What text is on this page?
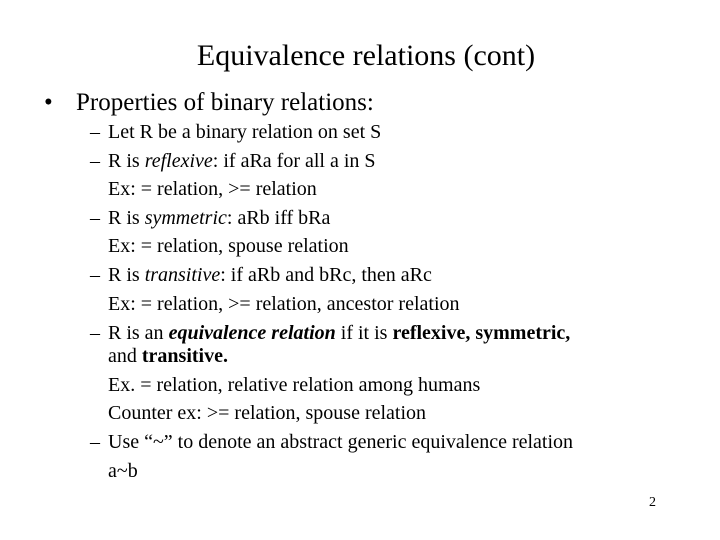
Equivalence relations (cont)
• Properties of binary relations:
– Let R be a binary relation on set S
– R is reflexive: if aRa for all a in S
Ex: = relation, >= relation
– R is symmetric: aRb iff bRa
Ex: = relation, spouse relation
– R is transitive: if aRb and bRc, then aRc
Ex: = relation, >= relation, ancestor relation
– R is an equivalence relation if it is reflexive, symmetric,
and transitive.
Ex. = relation, relative relation among humans
Counter ex: >= relation, spouse relation
– Use “~” to denote an abstract generic equivalence relation
a~b
2
